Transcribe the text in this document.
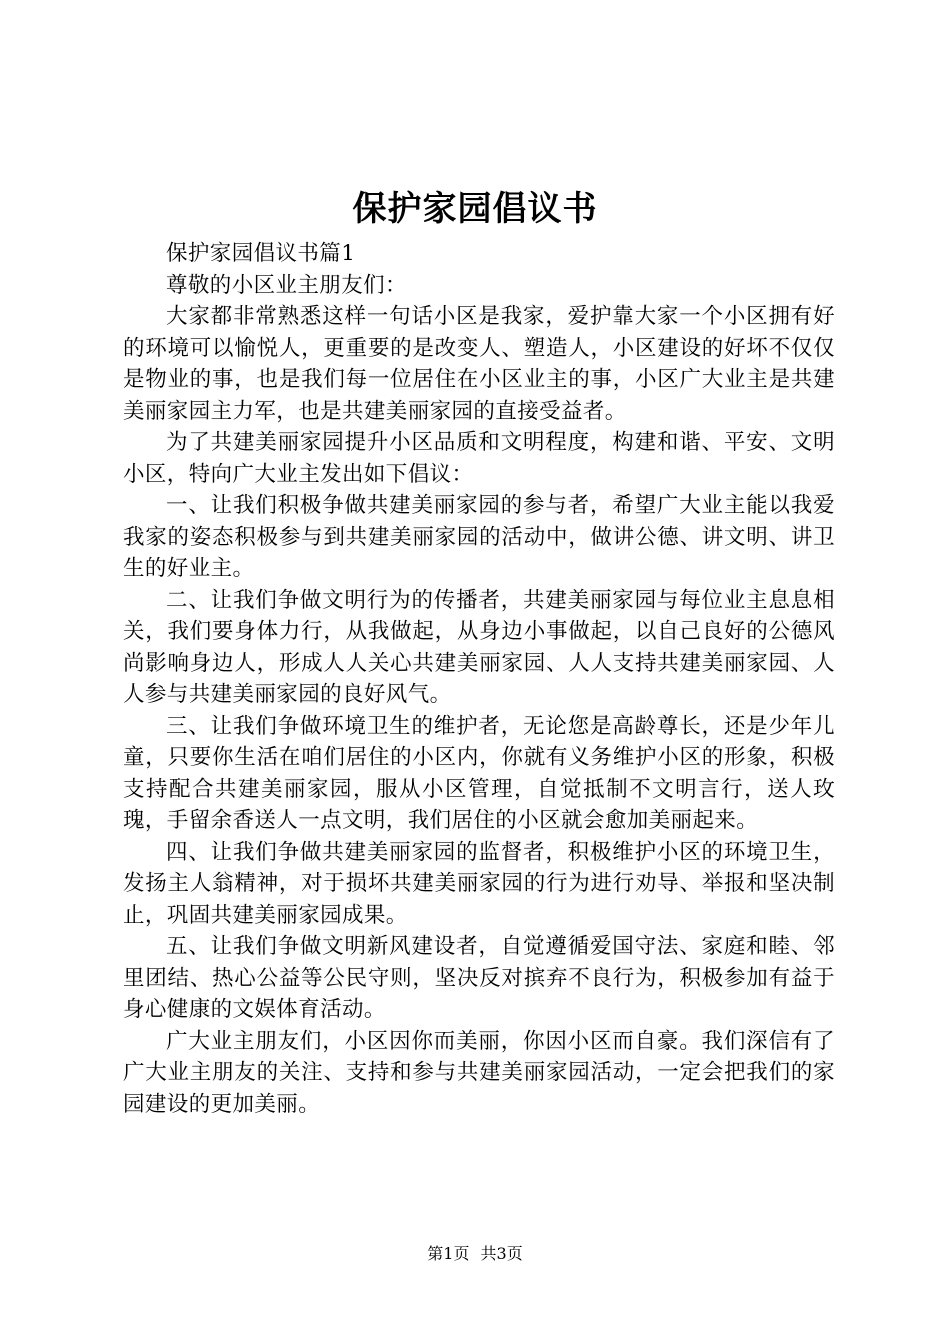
保护家园倡议书

保护家园倡议书篇1

尊敬的小区业主朋友们：

大家都非常熟悉这样一句话小区是我家，爱护靠大家一个小区拥有好的环境可以愉悦人，更重要的是改变人、塑造人，小区建设的好坏不仅仅是物业的事，也是我们每一位居住在小区业主的事，小区广大业主是共建美丽家园主力军，也是共建美丽家园的直接受益者。

为了共建美丽家园提升小区品质和文明程度，构建和谐、平安、文明小区，特向广大业主发出如下倡议：

一、让我们积极争做共建美丽家园的参与者，希望广大业主能以我爱我家的姿态积极参与到共建美丽家园的活动中，做讲公德、讲文明、讲卫生的好业主。

二、让我们争做文明行为的传播者，共建美丽家园与每位业主息息相关，我们要身体力行，从我做起，从身边小事做起，以自己良好的公德风尚影响身边人，形成人人关心共建美丽家园、人人支持共建美丽家园、人人参与共建美丽家园的良好风气。

三、让我们争做环境卫生的维护者，无论您是高龄尊长，还是少年儿童，只要你生活在咱们居住的小区内，你就有义务维护小区的形象，积极支持配合共建美丽家园，服从小区管理，自觉抵制不文明言行，送人玫瑰，手留余香送人一点文明，我们居住的小区就会愈加美丽起来。

四、让我们争做共建美丽家园的监督者，积极维护小区的环境卫生，发扬主人翁精神，对于损坏共建美丽家园的行为进行劝导、举报和坚决制止，巩固共建美丽家园成果。

五、让我们争做文明新风建设者，自觉遵循爱国守法、家庭和睦、邻里团结、热心公益等公民守则，坚决反对摈弃不良行为，积极参加有益于身心健康的文娱体育活动。

广大业主朋友们，小区因你而美丽，你因小区而自豪。我们深信有了广大业主朋友的关注、支持和参与共建美丽家园活动，一定会把我们的家园建设的更加美丽。

第1页 共3页
